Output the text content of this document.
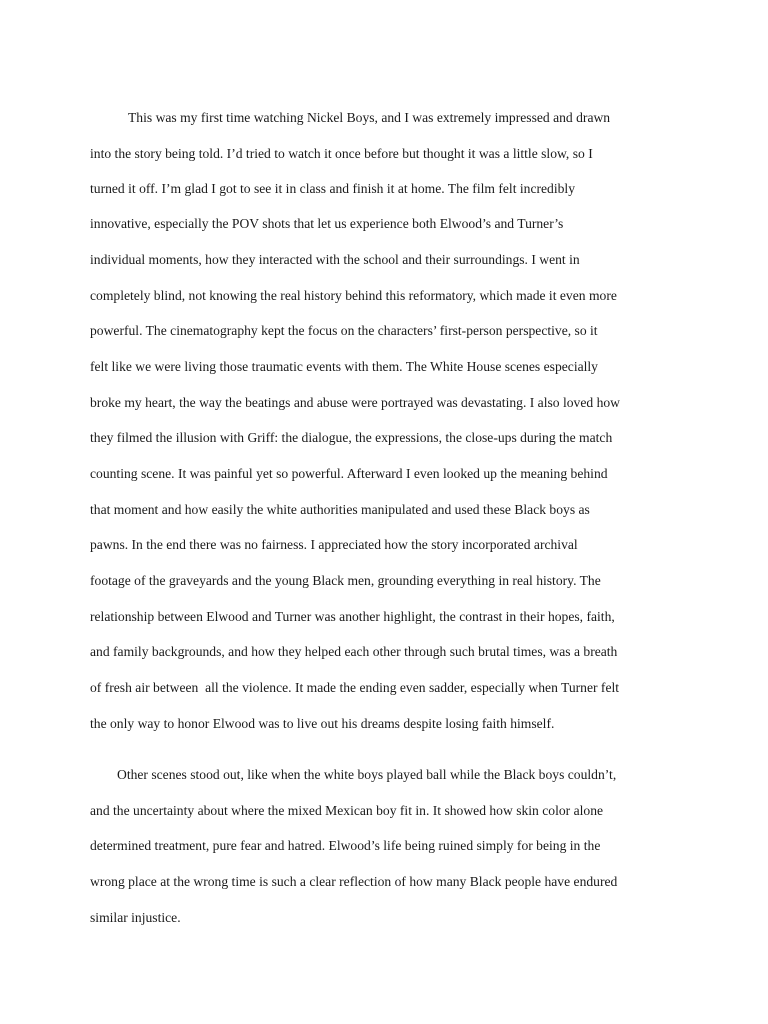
This was my first time watching Nickel Boys, and I was extremely impressed and drawn
into the story being told. I’d tried to watch it once before but thought it was a little slow, so I
turned it off. I’m glad I got to see it in class and finish it at home. The film felt incredibly
innovative, especially the POV shots that let us experience both Elwood’s and Turner’s
individual moments, how they interacted with the school and their surroundings. I went in
completely blind, not knowing the real history behind this reformatory, which made it even more
powerful. The cinematography kept the focus on the characters’ first-person perspective, so it
felt like we were living those traumatic events with them. The White House scenes especially
broke my heart, the way the beatings and abuse were portrayed was devastating. I also loved how
they filmed the illusion with Griff: the dialogue, the expressions, the close-ups during the match
counting scene. It was painful yet so powerful. Afterward I even looked up the meaning behind
that moment and how easily the white authorities manipulated and used these Black boys as
pawns. In the end there was no fairness. I appreciated how the story incorporated archival
footage of the graveyards and the young Black men, grounding everything in real history. The
relationship between Elwood and Turner was another highlight, the contrast in their hopes, faith,
and family backgrounds, and how they helped each other through such brutal times, was a breath
of fresh air between  all the violence. It made the ending even sadder, especially when Turner felt
the only way to honor Elwood was to live out his dreams despite losing faith himself.
Other scenes stood out, like when the white boys played ball while the Black boys couldn’t,
and the uncertainty about where the mixed Mexican boy fit in. It showed how skin color alone
determined treatment, pure fear and hatred. Elwood’s life being ruined simply for being in the
wrong place at the wrong time is such a clear reflection of how many Black people have endured
similar injustice.
